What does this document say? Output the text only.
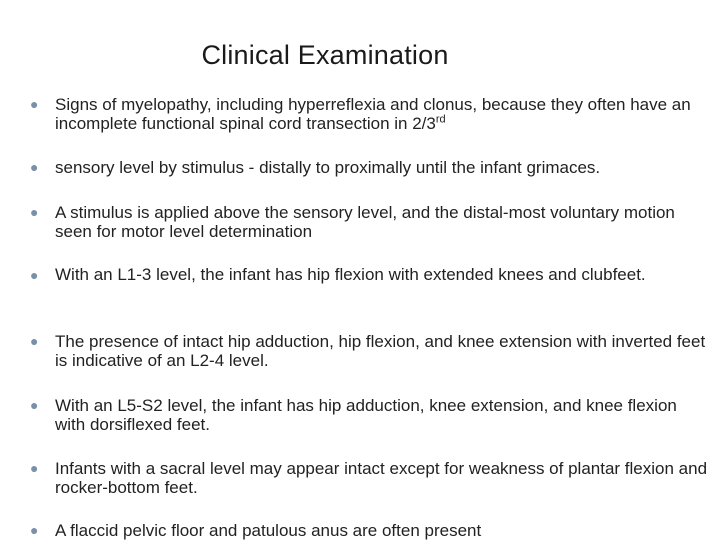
Clinical Examination
● Signs of myelopathy, including hyperreflexia and clonus, because they often have an incomplete functional spinal cord transection in 2/3rd
● sensory level by stimulus - distally to proximally until the infant grimaces.
● A stimulus is applied above the sensory level, and the distal-most voluntary motion seen for motor level determination
● With an L1-3 level, the infant has hip flexion with extended knees and clubfeet.
● The presence of intact hip adduction, hip flexion, and knee extension with inverted feet is indicative of an L2-4 level.
● With an L5-S2 level, the infant has hip adduction, knee extension, and knee flexion with dorsiflexed feet.
● Infants with a sacral level may appear intact except for weakness of plantar flexion and rocker-bottom feet.
● A flaccid pelvic floor and patulous anus are often present
